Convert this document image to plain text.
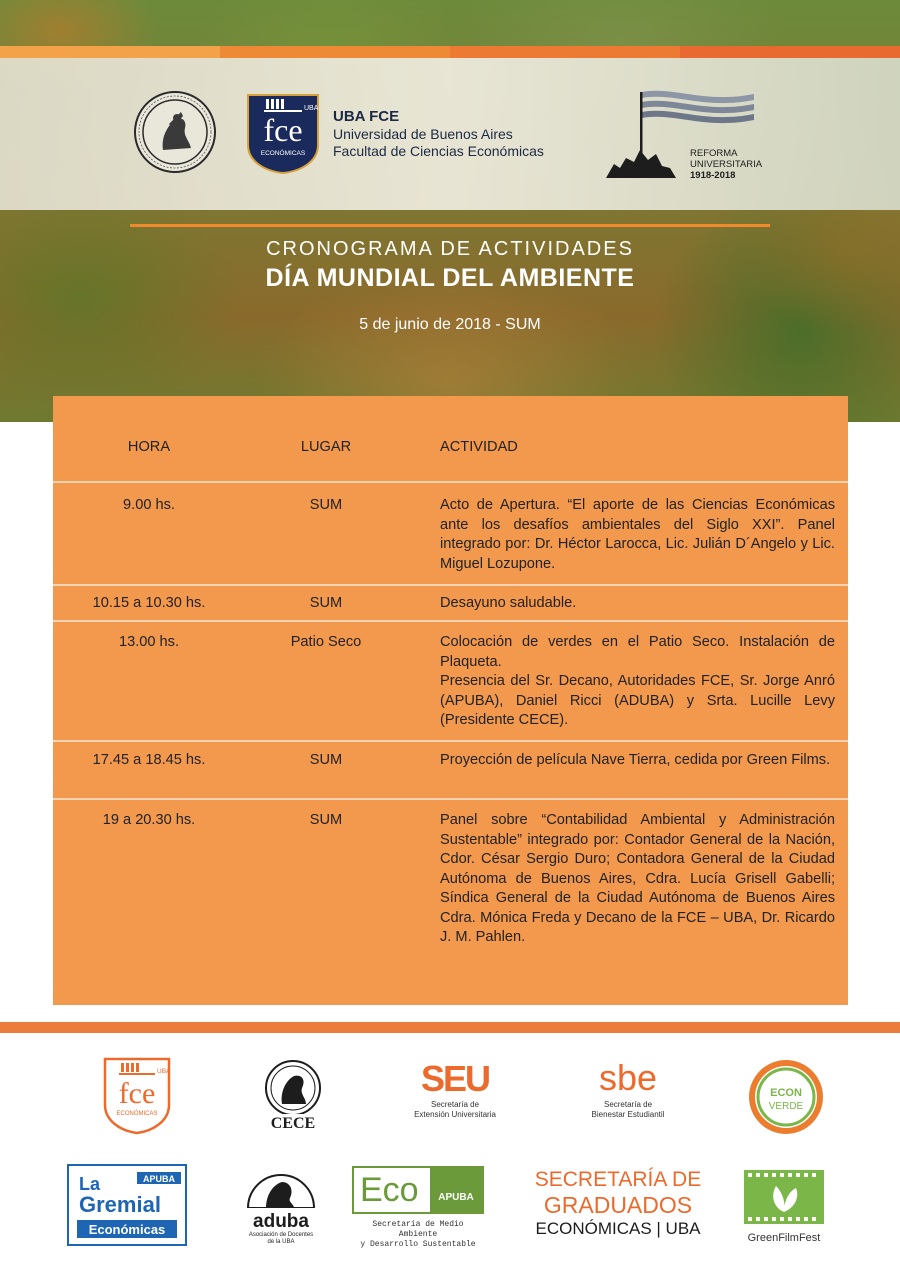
UBA
fce
ECONÓMICAS
UBA FCE
Universidad de Buenos Aires
Facultad de Ciencias Económicas	REFORMA
UNIVERSITARIA
1918-2018
CRONOGRAMA DE ACTIVIDADES
DÍA MUNDIAL DEL AMBIENTE
5 de junio de 2018 - SUM
HORA	LUGAR	ACTIVIDAD
9.00 hs.	SUM	Acto de Apertura. “El aporte de las Ciencias Económicas ante los desafíos ambientales del Siglo XXI”. Panel integrado por: Dr. Héctor Larocca, Lic. Julián D´Angelo y Lic. Miguel Lozupone.
10.15 a 10.30 hs.	SUM	Desayuno saludable.
13.00 hs.	Patio Seco	Colocación de verdes en el Patio Seco. Instalación de Plaqueta.

Presencia del Sr. Decano, Autoridades FCE, Sr. Jorge Anró (APUBA), Daniel Ricci (ADUBA) y Srta. Lucille Levy (Presidente CECE).

17.45 a 18.45 hs.	SUM	Proyección de película Nave Tierra, cedida por Green Films.
19 a 20.30 hs.	SUM	Panel sobre “Contabilidad Ambiental y Administración Sustentable” integrado por: Contador General de la Nación, Cdor. César Sergio Duro; Contadora General de la Ciudad Autónoma de Buenos Aires, Cdra. Lucía Grisell Gabelli; Síndica General de la Ciudad Autónoma de Buenos Aires Cdra. Mónica Freda y Decano de la FCE – UBA, Dr. Ricardo J. M. Pahlen.
UBA
fce
ECONÓMICAS
CECE
SEU
Secretaría de
Extensión Universitaria
sbe
Secretaría de
Bienestar Estudiantil
ECON
VERDE
APUBA
La
Gremial
Económicas	aduba
Asociación de Docentes
de la UBA
Eco	APUBA
Secretaría de Medio Ambiente
y Desarrollo Sustentable
SECRETARÍA DE
GRADUADOS
ECONÓMICAS | UBA	GreenFilmFest
